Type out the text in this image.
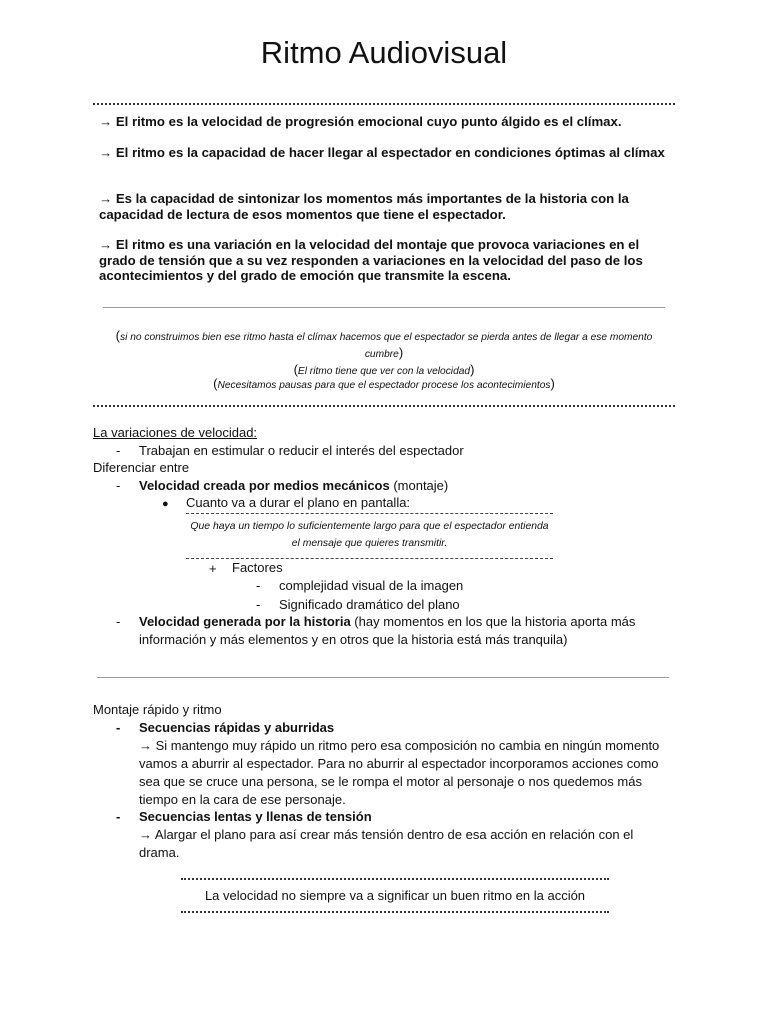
Ritmo Audiovisual
→ El ritmo es la velocidad de progresión emocional cuyo punto álgido es el clímax.
→ El ritmo es la capacidad de hacer llegar al espectador en condiciones óptimas al clímax
→ Es la capacidad de sintonizar los momentos más importantes de la historia con la capacidad de lectura de esos momentos que tiene el espectador.
→ El ritmo es una variación en la velocidad del montaje que provoca variaciones en el grado de tensión que a su vez responden a variaciones en la velocidad del paso de los acontecimientos y del grado de emoción que transmite la escena.
(si no construimos bien ese ritmo hasta el clímax hacemos que el espectador se pierda antes de llegar a ese momento cumbre)
(El ritmo tiene que ver con la velocidad)
(Necesitamos pausas para que el espectador procese los acontecimientos)
La variaciones de velocidad:
- Trabajan en estimular o reducir el interés del espectador
Diferenciar entre
- Velocidad creada por medios mecánicos (montaje)
● Cuanto va a durar el plano en pantalla:
Que haya un tiempo lo suficientemente largo para que el espectador entienda el mensaje que quieres transmitir.
+ Factores
- complejidad visual de la imagen
- Significado dramático del plano
- Velocidad generada por la historia (hay momentos en los que la historia aporta más información y más elementos y en otros que la historia está más tranquila)
Montaje rápido y ritmo
- Secuencias rápidas y aburridas
→ Si mantengo muy rápido un ritmo pero esa composición no cambia en ningún momento vamos a aburrir al espectador. Para no aburrir al espectador incorporamos acciones como sea que se cruce una persona, se le rompa el motor al personaje o nos quedemos más tiempo en la cara de ese personaje.
- Secuencias lentas y llenas de tensión
→ Alargar el plano para así crear más tensión dentro de esa acción en relación con el drama.
La velocidad no siempre va a significar un buen ritmo en la acción
